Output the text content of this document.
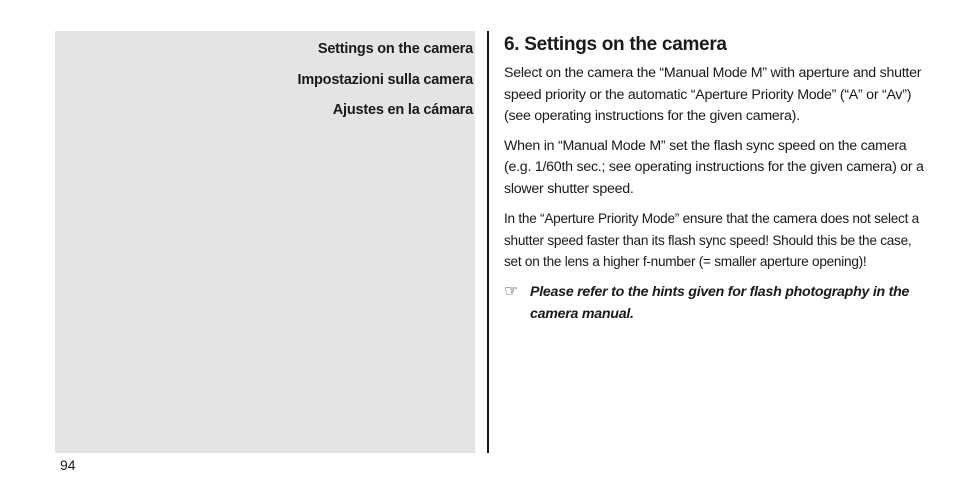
Settings on the camera
Impostazioni sulla camera
Ajustes en la cámara
6. Settings on the camera

Select on the camera the “Manual Mode M” with aperture and shutter speed priority or the automatic “Aperture Priority Mode” (“A” or “Av”) (see operating instructions for the given camera).

When in “Manual Mode M” set the flash sync speed on the camera (e.g. 1/60th sec.; see operating instructions for the given camera) or a slower shutter speed.

In the “Aperture Priority Mode” ensure that the camera does not select a shutter speed faster than its flash sync speed! Should this be the case, set on the lens a higher f-number (= smaller aperture opening)!

☞ Please refer to the hints given for flash photography in the camera manual.
94
